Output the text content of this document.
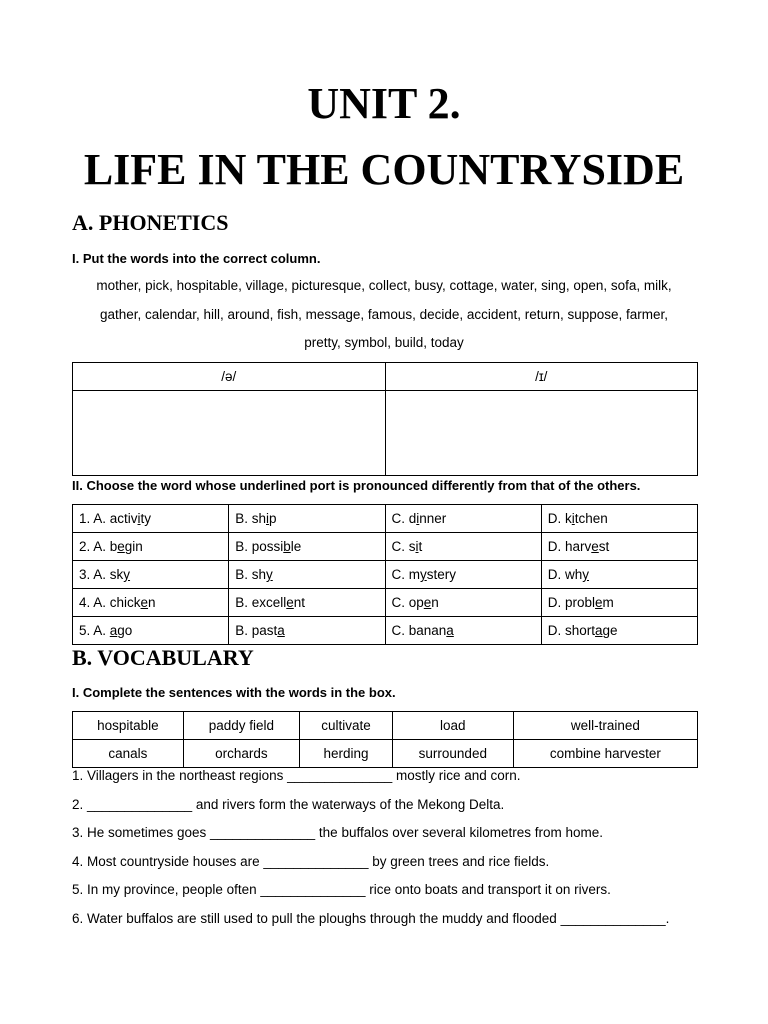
UNIT 2.
LIFE IN THE COUNTRYSIDE
A. PHONETICS

I. Put the words into the correct column.

mother, pick, hospitable, village, picturesque, collect, busy, cottage, water, sing, open, sofa, milk,

gather, calendar, hill, around, fish, message, famous, decide, accident, return, suppose, farmer,

pretty, symbol, build, today

/ə/	/ɪ/

II. Choose the word whose underlined port is pronounced differently from that of the others.

1. A. activity	B. ship	C. dinner	D. kitchen
2. A. begin	B. possible	C. sit	D. harvest
3. A. sky	B. shy	C. mystery	D. why
4. A. chicken	B. excellent	C. open	D. problem
5. A. ago	B. pasta	C. banana	D. shortage
B. VOCABULARY

I. Complete the sentences with the words in the box.

hospitable	paddy field	cultivate	load	well-trained
canals	orchards	herding	surrounded	combine harvester

1. Villagers in the northeast regions ______________ mostly rice and corn.

2. ______________ and rivers form the waterways of the Mekong Delta.

3. He sometimes goes ______________ the buffalos over several kilometres from home.

4. Most countryside houses are ______________ by green trees and rice fields.

5. In my province, people often ______________ rice onto boats and transport it on rivers.

6. Water buffalos are still used to pull the ploughs through the muddy and flooded ______________.
